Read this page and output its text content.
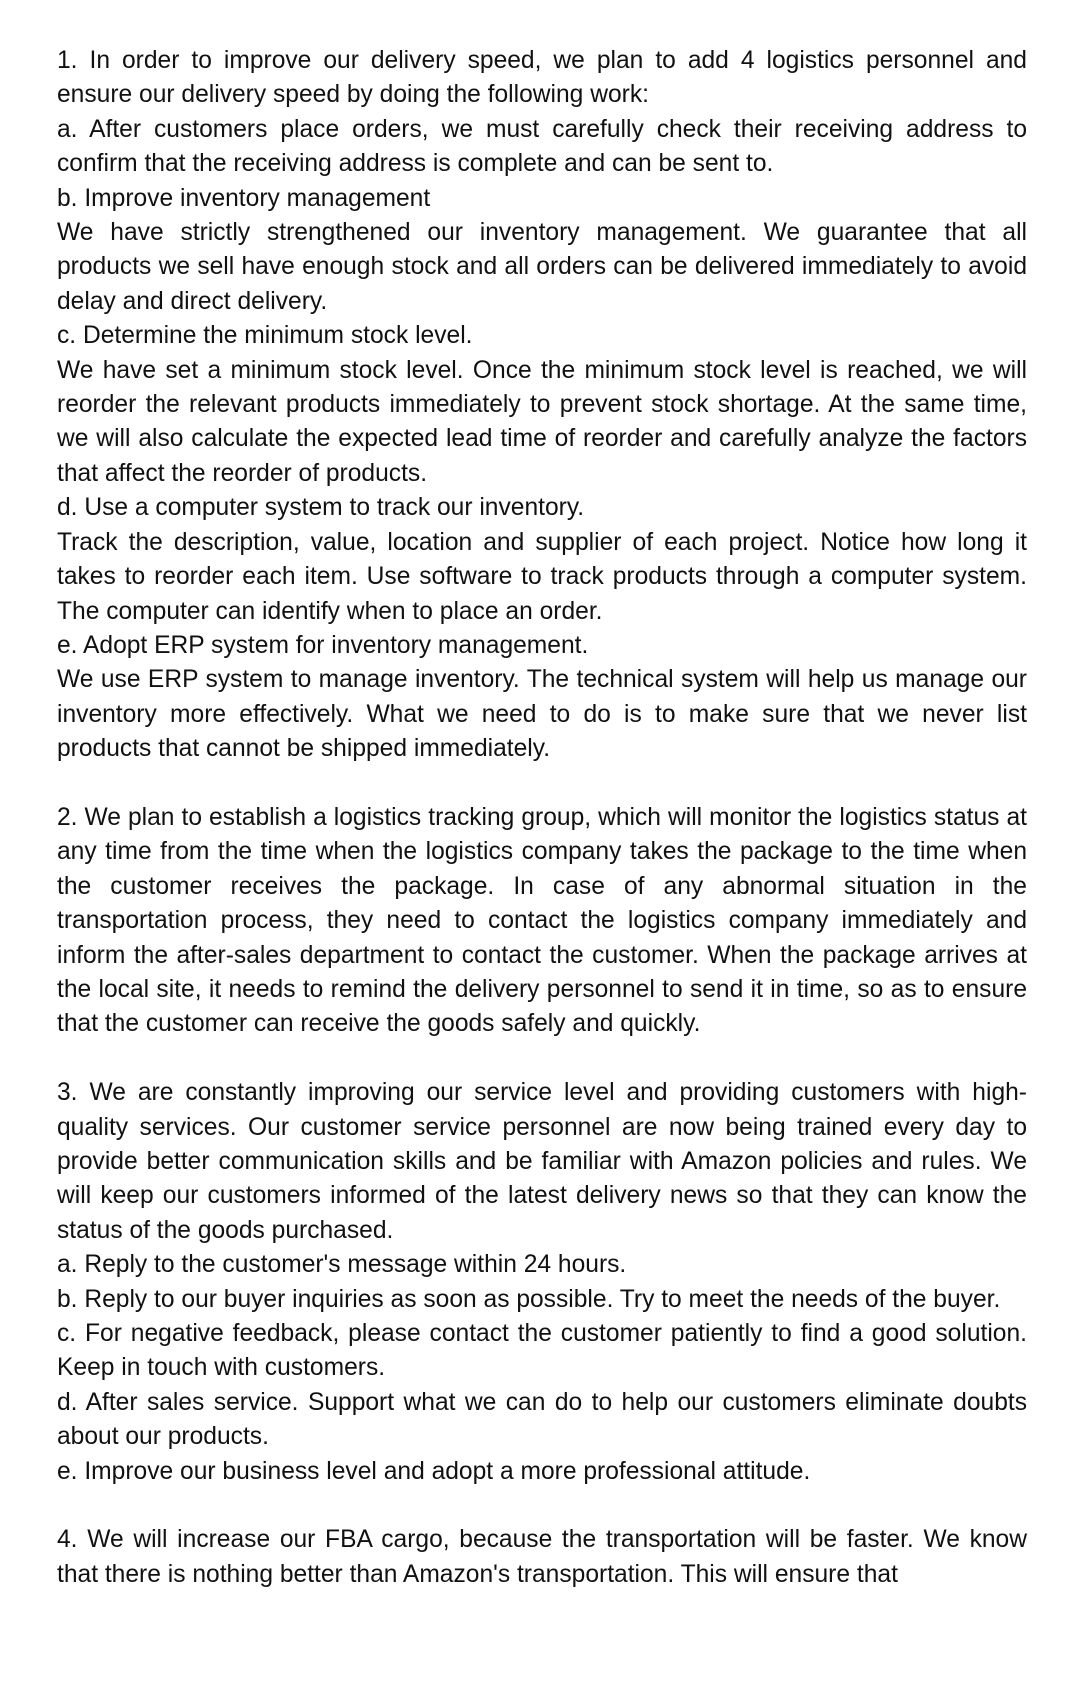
1. In order to improve our delivery speed, we plan to add 4 logistics personnel and ensure our delivery speed by doing the following work:

a. After customers place orders, we must carefully check their receiving address to confirm that the receiving address is complete and can be sent to.

b. Improve inventory management

We have strictly strengthened our inventory management. We guarantee that all products we sell have enough stock and all orders can be delivered immediately to avoid delay and direct delivery.

c. Determine the minimum stock level.

We have set a minimum stock level. Once the minimum stock level is reached, we will reorder the relevant products immediately to prevent stock shortage. At the same time, we will also calculate the expected lead time of reorder and carefully analyze the factors that affect the reorder of products.

d. Use a computer system to track our inventory.

Track the description, value, location and supplier of each project. Notice how long it takes to reorder each item. Use software to track products through a computer system. The computer can identify when to place an order.

e. Adopt ERP system for inventory management.

We use ERP system to manage inventory. The technical system will help us manage our inventory more effectively. What we need to do is to make sure that we never list products that cannot be shipped immediately.

2. We plan to establish a logistics tracking group, which will monitor the logistics status at any time from the time when the logistics company takes the package to the time when the customer receives the package. In case of any abnormal situation in the transportation process, they need to contact the logistics company immediately and inform the after-sales department to contact the customer. When the package arrives at the local site, it needs to remind the delivery personnel to send it in time, so as to ensure that the customer can receive the goods safely and quickly.

3. We are constantly improving our service level and providing customers with high-quality services. Our customer service personnel are now being trained every day to provide better communication skills and be familiar with Amazon policies and rules. We will keep our customers informed of the latest delivery news so that they can know the status of the goods purchased.

a. Reply to the customer's message within 24 hours.

b. Reply to our buyer inquiries as soon as possible. Try to meet the needs of the buyer.

c. For negative feedback, please contact the customer patiently to find a good solution. Keep in touch with customers.

d. After sales service. Support what we can do to help our customers eliminate doubts about our products.

e. Improve our business level and adopt a more professional attitude.

4. We will increase our FBA cargo, because the transportation will be faster. We know that there is nothing better than Amazon's transportation. This will ensure that
